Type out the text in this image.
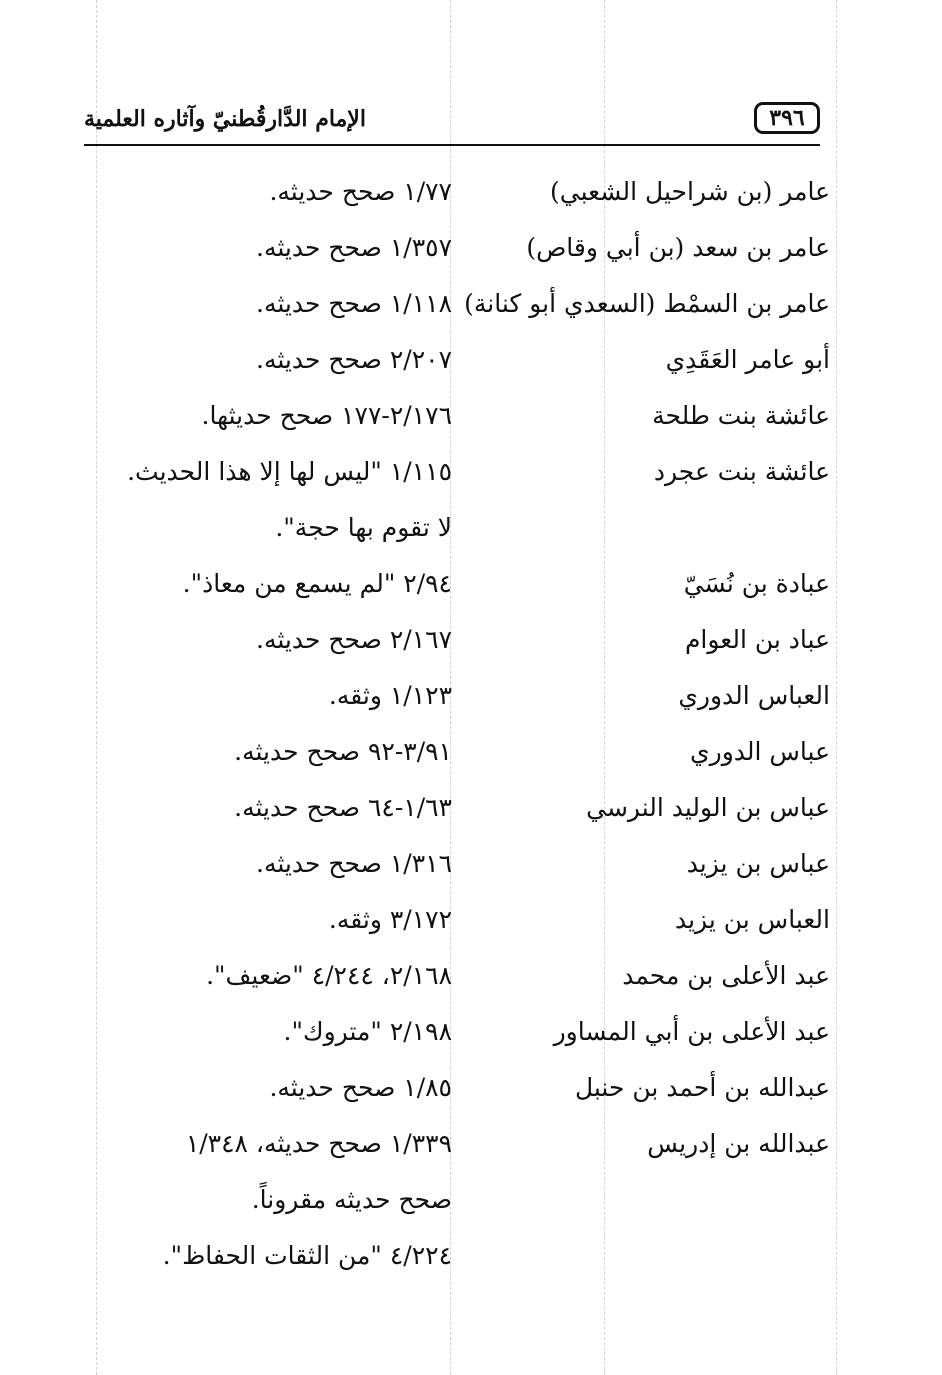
٣٩٦
الإمام الدَّارقُطنيّ وآثاره العلمية
عامر (بن شراحيل الشعبي)
١/٧٧ صحح حديثه.
عامر بن سعد (بن أبي وقاص)
١/٣٥٧ صحح حديثه.
عامر بن السمْط (السعدي أبو كنانة)
١/١١٨ صحح حديثه.
أبو عامر العَقَدِي
٢/٢٠٧ صحح حديثه.
عائشة بنت طلحة
٢/١٧٦-١٧٧ صحح حديثها.
عائشة بنت عجرد
١/١١٥ "ليس لها إلا هذا الحديث.
لا تقوم بها حجة".
عبادة بن نُسَيّ
٢/٩٤ "لم يسمع من معاذ".
عباد بن العوام
٢/١٦٧ صحح حديثه.
العباس الدوري
١/١٢٣ وثقه.
عباس الدوري
٣/٩١-٩٢ صحح حديثه.
عباس بن الوليد النرسي
١/٦٣-٦٤ صحح حديثه.
عباس بن يزيد
١/٣١٦ صحح حديثه.
العباس بن يزيد
٣/١٧٢ وثقه.
عبد الأعلى بن محمد
٢/١٦٨، ٤/٢٤٤ "ضعيف".
عبد الأعلى بن أبي المساور
٢/١٩٨ "متروك".
عبدالله بن أحمد بن حنبل
١/٨٥ صحح حديثه.
عبدالله بن إدريس
١/٣٣٩ صحح حديثه، ١/٣٤٨
صحح حديثه مقروناً.
٤/٢٢٤ "من الثقات الحفاظ".
